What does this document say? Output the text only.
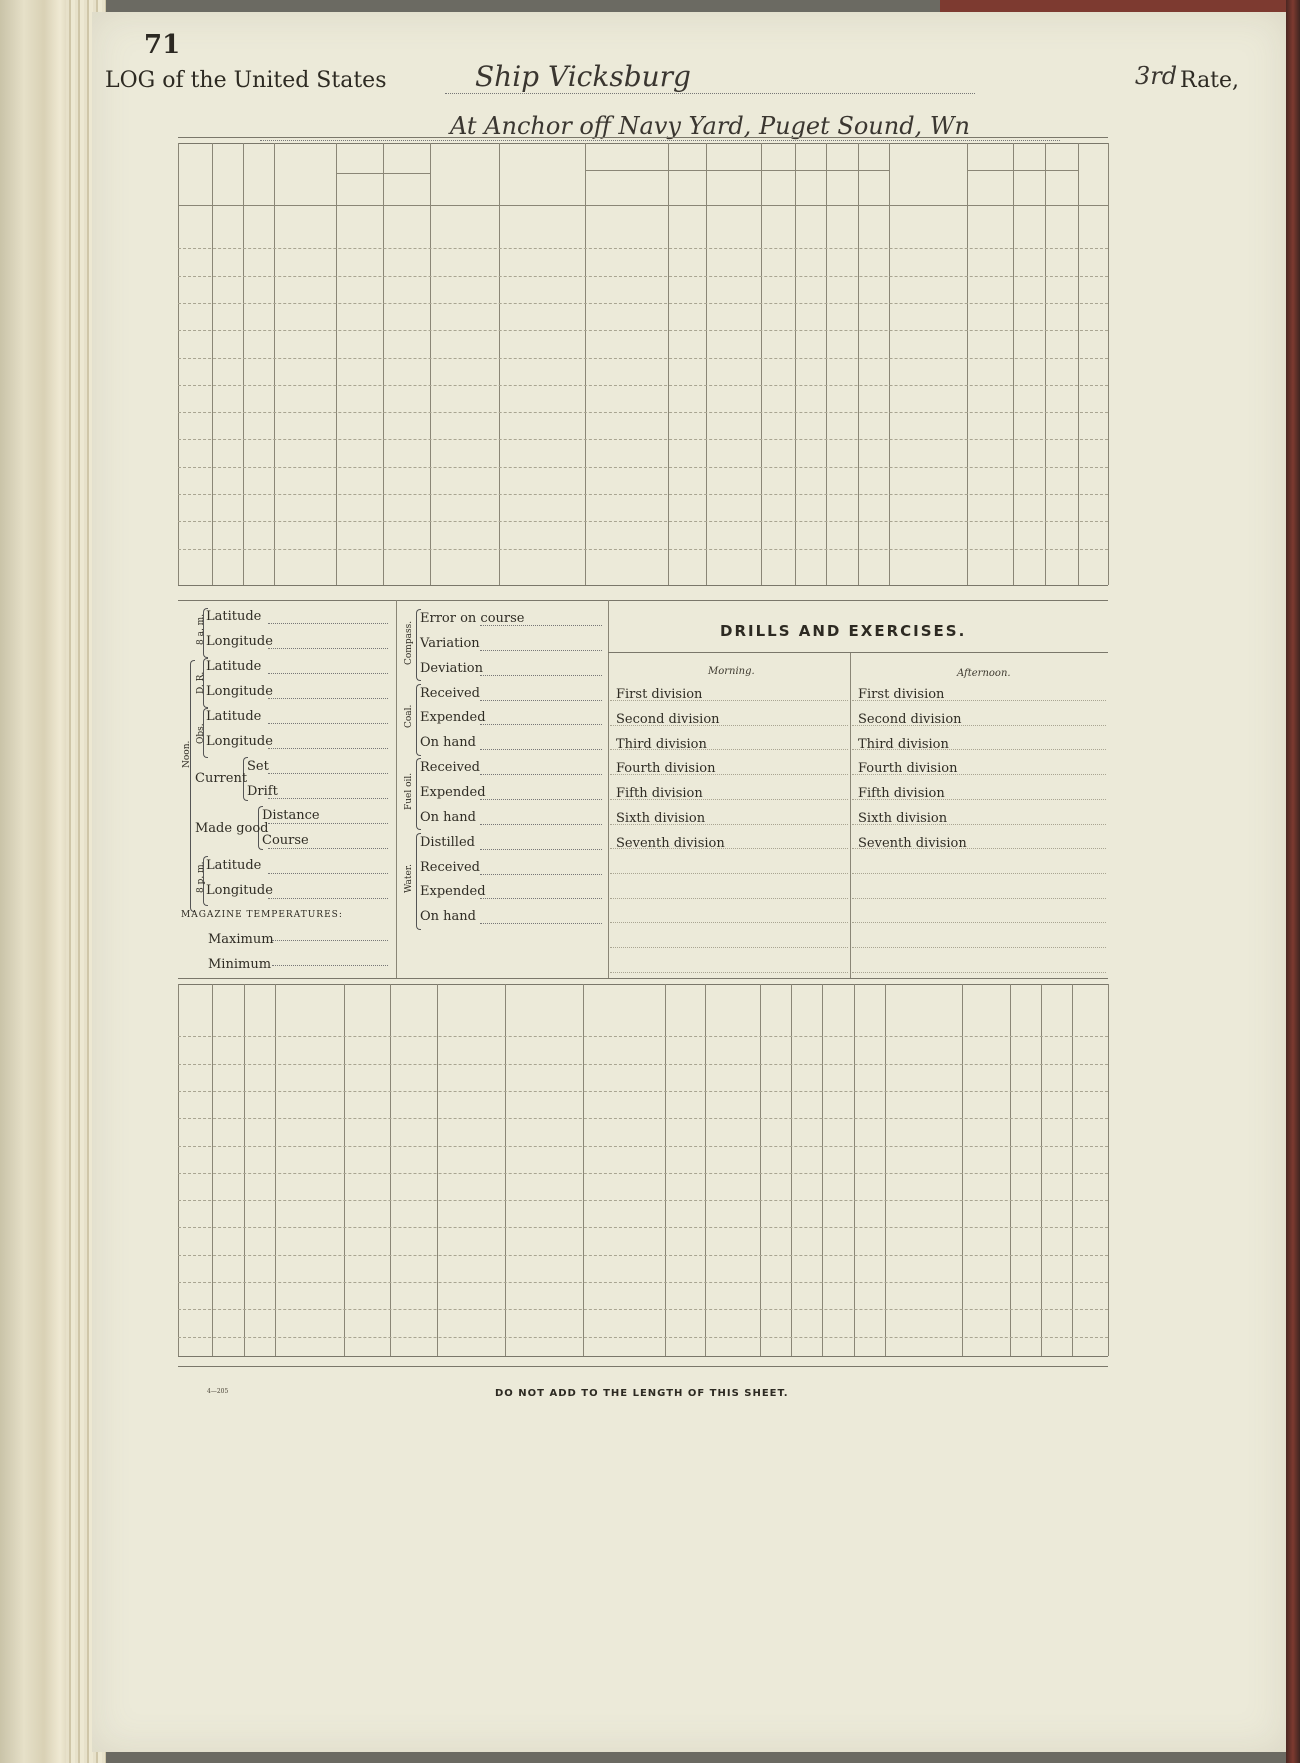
71
LOG of the United States	Ship Vicksburg	3rd Rate,
At Anchor off Navy Yard, Puget Sound, Wn
8 a. m.
D. R.
Obs.
Noon.
8 p. m.
Latitude
Longitude
Latitude
Longitude
Latitude
Longitude
Current
Set
Drift
Made good
Distance
Course
Latitude
Longitude
MAGAZINE TEMPERATURES:
Maximum
Minimum
Compass.
Coal.
Fuel oil.
Water.
Error on course
Variation
Deviation
Received
Expended
On hand
Received
Expended
On hand
Distilled
Received
Expended
On hand
DRILLS AND EXERCISES.
Morning.	Afternoon.
First division	First division
Second division	Second division
Third division	Third division
Fourth division	Fourth division
Fifth division	Fifth division
Sixth division	Sixth division
Seventh division	Seventh division
4—205	DO NOT ADD TO THE LENGTH OF THIS SHEET.
